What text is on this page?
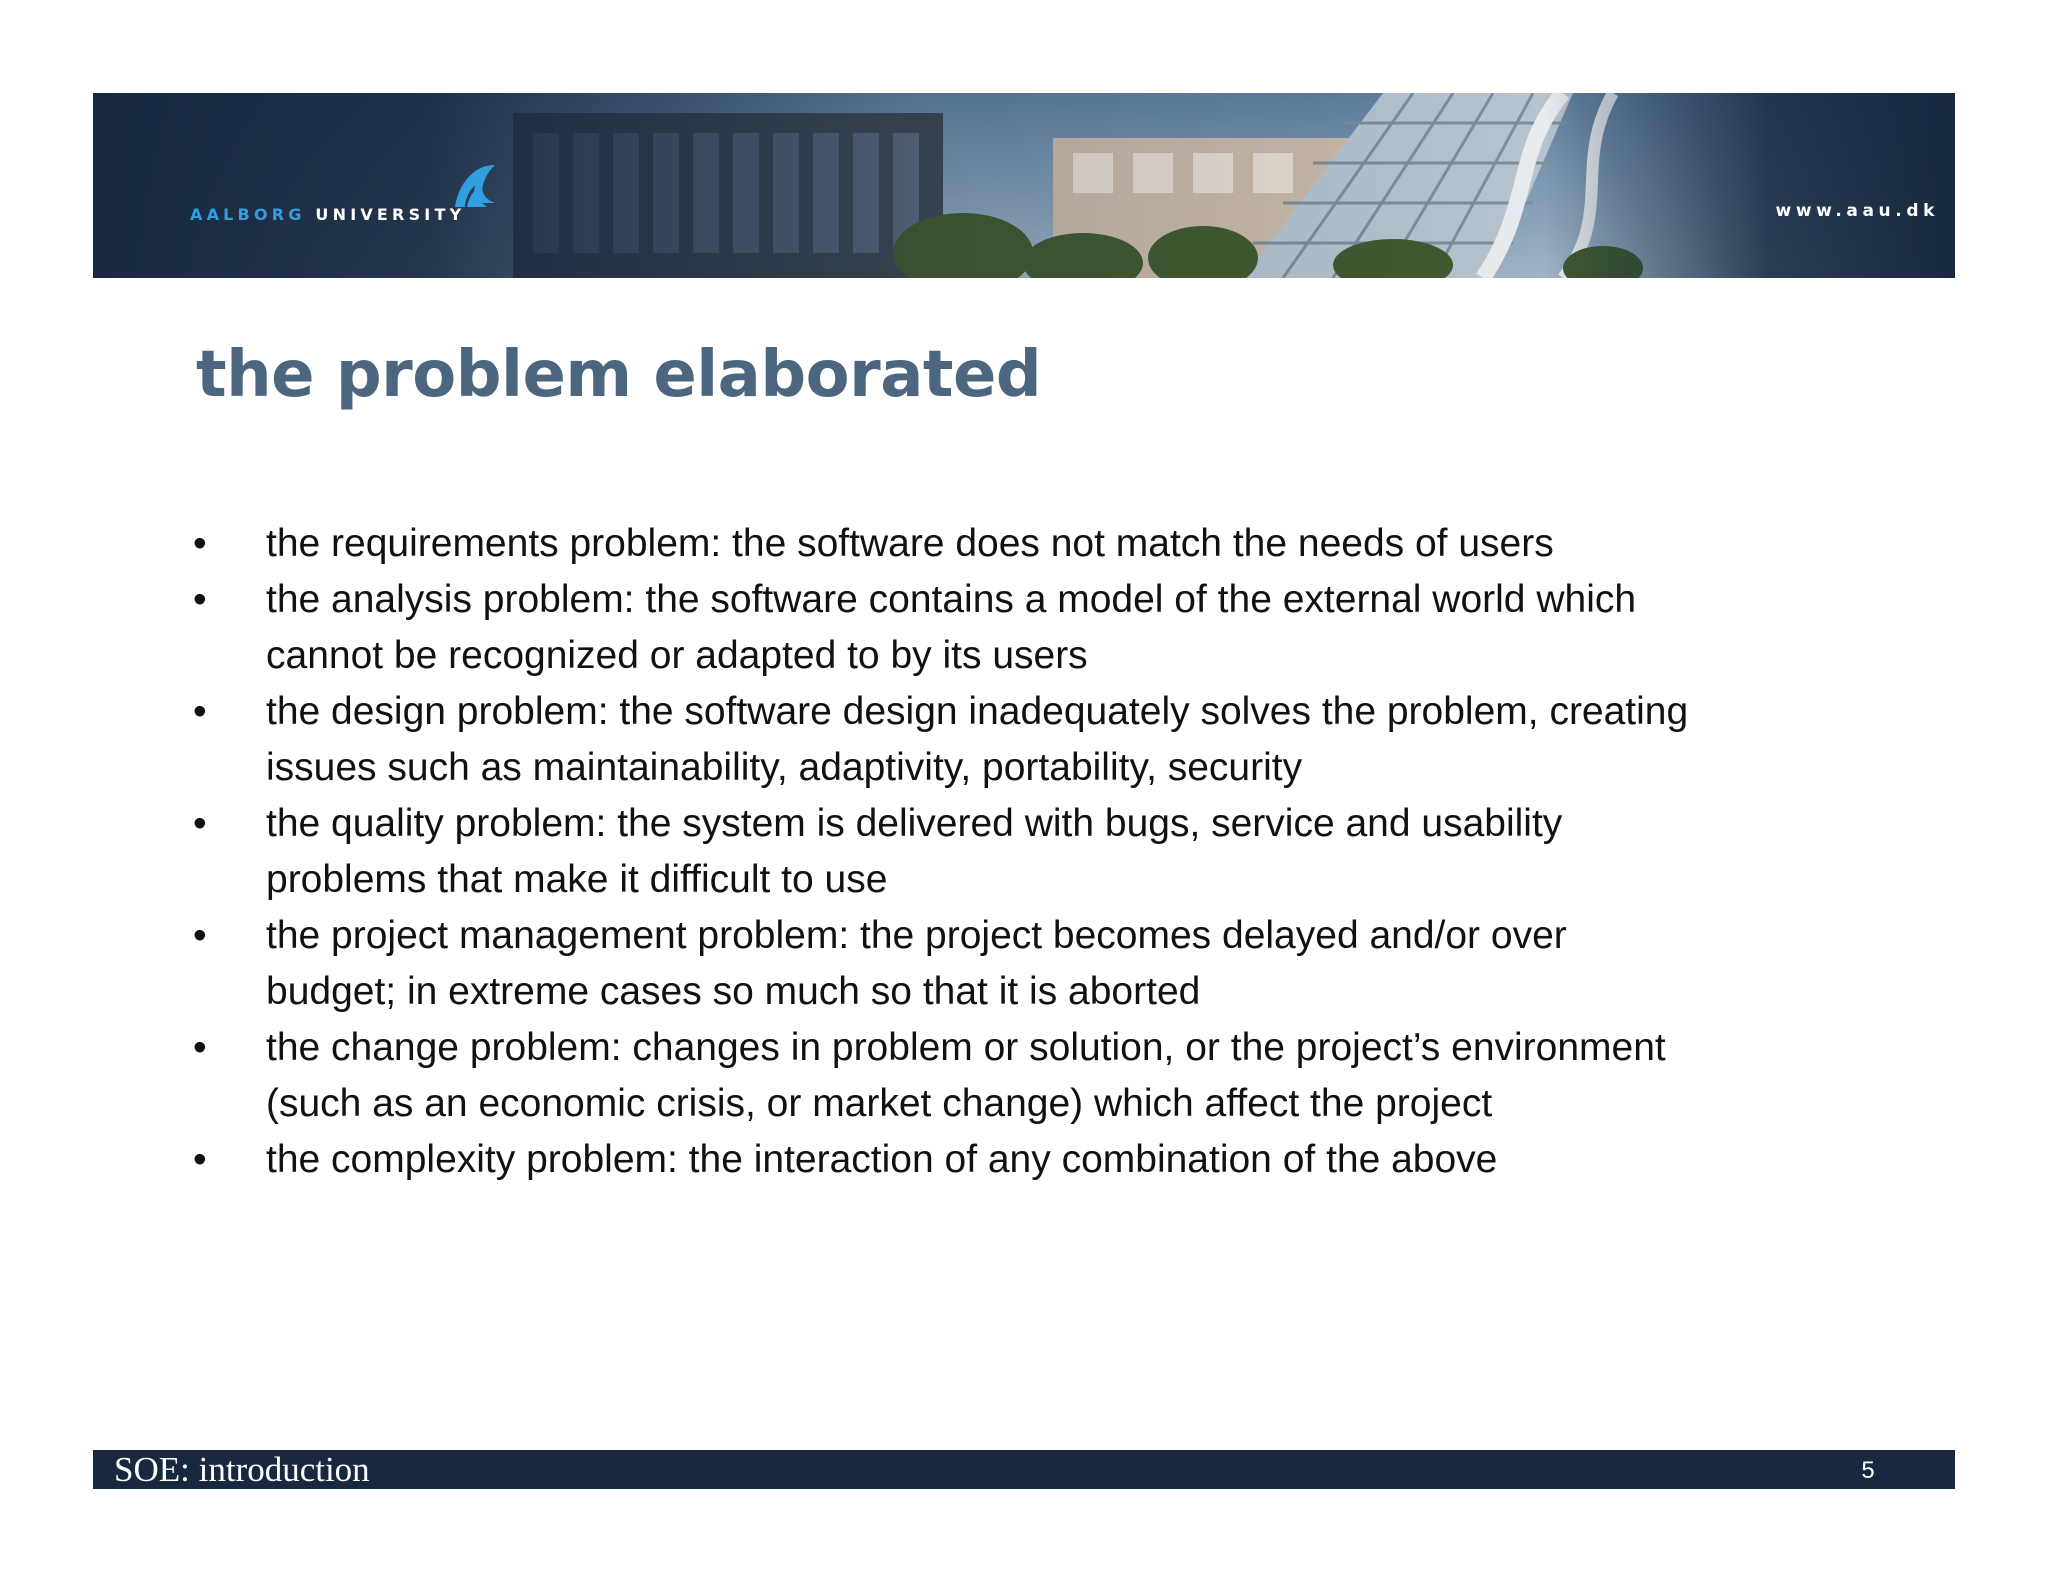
AALBORG UNIVERSITY	www.aau.dk
the problem elaborated
• the requirements problem: the software does not match the needs of users
• the analysis problem: the software contains a model of the external world which
cannot be recognized or adapted to by its users
• the design problem: the software design inadequately solves the problem, creating
issues such as maintainability, adaptivity, portability, security
• the quality problem: the system is delivered with bugs, service and usability
problems that make it difficult to use
• the project management problem: the project becomes delayed and/or over
budget; in extreme cases so much so that it is aborted
• the change problem: changes in problem or solution, or the project’s environment
(such as an economic crisis, or market change) which affect the project
• the complexity problem: the interaction of any combination of the above
SOE: introduction	5
